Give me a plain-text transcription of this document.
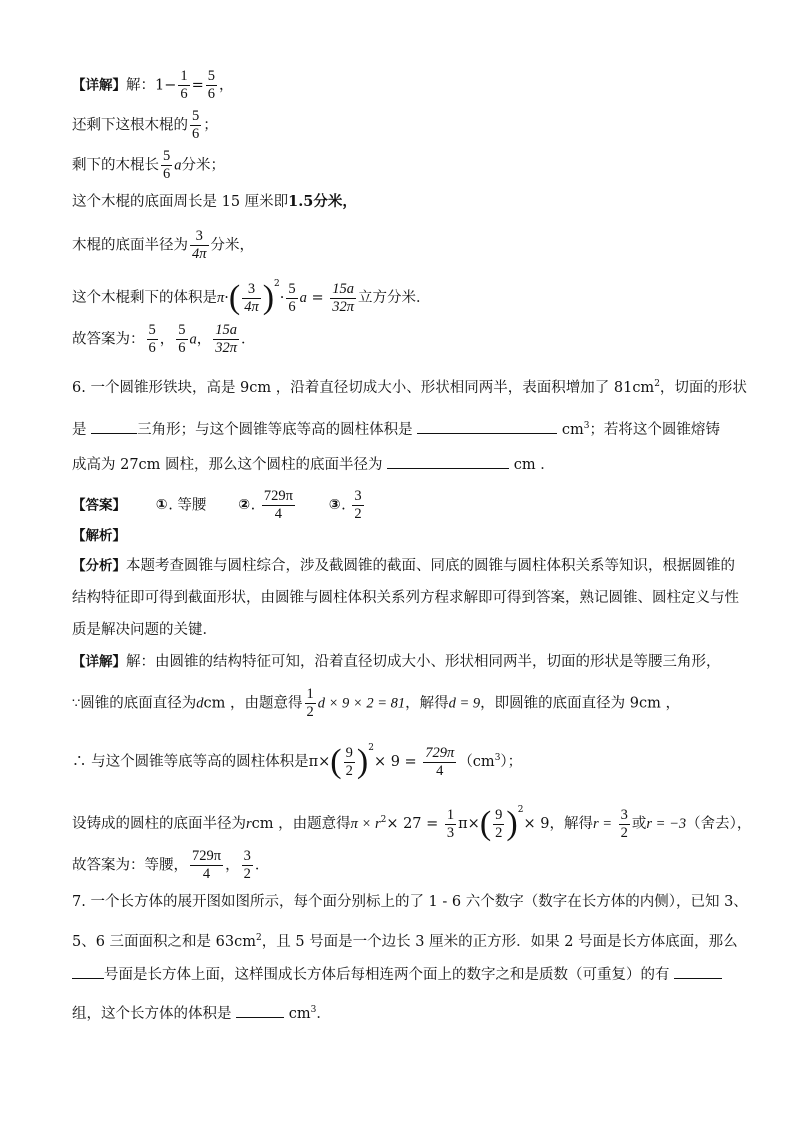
【详解】解：$1- \frac{1}{6} = \frac{5}{6}$ ，
还剩下这根木棍的 $\frac{5}{6}$ ；
剩下的木棍长 $\frac{5}{6}$ a分米；
这个木棍的底面周长是 15 厘米即1.5分米，
木棍的底面半径为 $\frac{3}{4\pi}$ 分米，
这个木棍剩下的体积是$\pi\cdot( \frac{3}{4\pi} )^2\cdot \frac{5}{6}$ $a = \frac{15a}{32\pi}$ 立方分米．
故答案为： $\frac{5}{6}$ ， $\frac{5}{6}$ a， $\frac{15a}{32\pi}$ ．
6. 一个圆锥形铁块，高是 9cm ，沿着直径切成大小、形状相同两半，表面积增加了 $81cm^2$，切面的形状
是	三角形；与这个圆锥等底等高的圆柱体积是	$cm^3$；若将这个圆锥熔铸
成高为 27cm 圆柱，那么这个圆柱的底面半径为	cm ．
【答案】 ①. 等腰 ②. $\frac{729\pi}{4}$ ③. $\frac{3}{2}$
【解析】
【分析】本题考查圆锥与圆柱综合，涉及截圆锥的截面、同底的圆锥与圆柱体积关系等知识，根据圆锥的
结构特征即可得到截面形状，由圆锥与圆柱体积关系列方程求解即可得到答案，熟记圆锥、圆柱定义与性
质是解决问题的关键．
【详解】解：由圆锥的结构特征可知，沿着直径切成大小、形状相同两半，切面的形状是等腰三角形，
∵圆锥的底面直径为dcm ，由题意得 $\frac{1}{2}$ d × 9 × 2 = 81，解得d = 9，即圆锥的底面直径为 9cm ，
∴ 与这个圆锥等底等高的圆柱体积是$\pi\times( \frac{9}{2} )^2\times 9 = \frac{729\pi}{4} (cm^3)$；
设铸成的圆柱的底面半径为rcm ，由题意得$\pi \times r^2\times 27 = \frac{1}{3} \pi\times( \frac{9}{2} )^2\times 9$，解得$r = \frac{3}{2}$ 或r = −3（舍去），
故答案为：等腰， $\frac{729\pi}{4}$ ， $\frac{3}{2}$ ．
7. 一个长方体的展开图如图所示，每个面分别标上的了 1 - 6 六个数字（数字在长方体的内侧），已知 3、
5、6 三面面积之和是 $63cm^2$，且 5 号面是一个边长 3 厘米的正方形．如果 2 号面是长方体底面，那么
号面是长方体上面，这样围成长方体后每相连两个面上的数字之和是质数（可重复）的有
组，这个长方体的体积是	$cm^3$．
